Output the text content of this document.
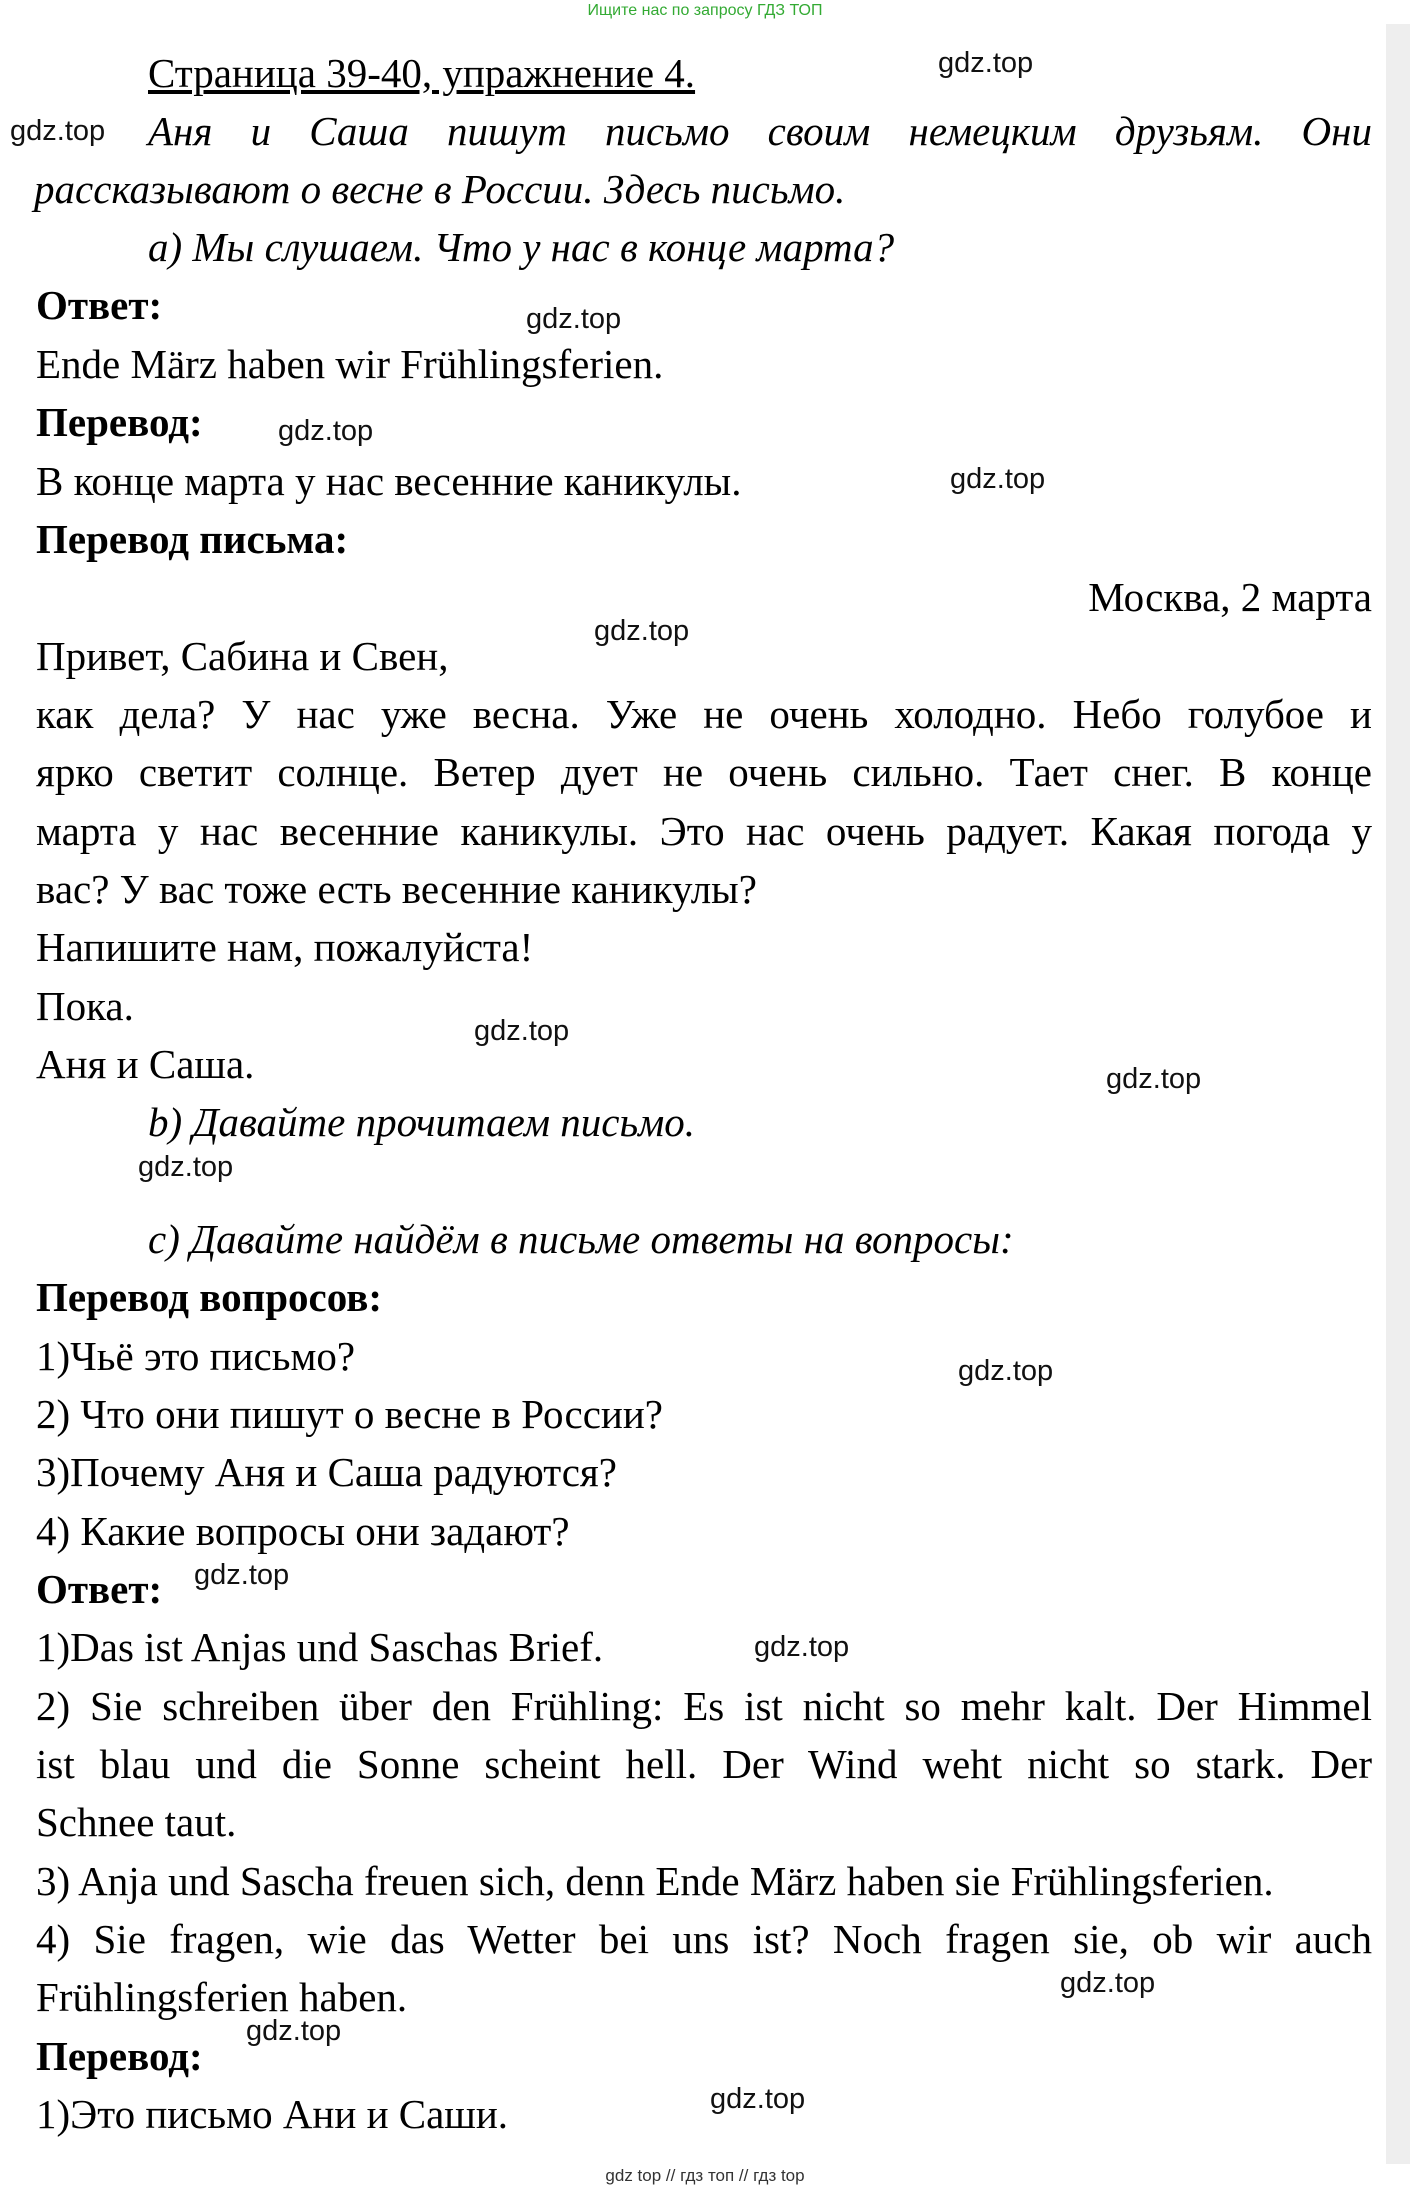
Ищите нас по запросу ГДЗ ТОП
Страница 39-40, упражнение 4.
Аня и Саша пишут письмо своим немецким друзьям. Они
рассказывают о весне в России. Здесь письмо.
а) Мы слушаем. Что у нас в конце марта?
Ответ:
Ende März haben wir Frühlingsferien.
Перевод:
В конце марта у нас весенние каникулы.
Перевод письма:
Москва, 2 марта
Привет, Сабина и Свен,
как дела? У нас уже весна. Уже не очень холодно. Небо голубое и
ярко светит солнце. Ветер дует не очень сильно. Тает снег. В конце
марта у нас весенние каникулы. Это нас очень радует. Какая погода у
вас? У вас тоже есть весенние каникулы?
Напишите нам, пожалуйста!
Пока.
Аня и Саша.
b) Давайте прочитаем письмо.
c) Давайте найдём в письме ответы на вопросы:
Перевод вопросов:
1)Чьё это письмо?
2) Что они пишут о весне в России?
3)Почему Аня и Саша радуются?
4) Какие вопросы они задают?
Ответ:
1)Das ist Anjas und Saschas Brief.
2) Sie schreiben über den Frühling: Es ist nicht so mehr kalt. Der Himmel
ist blau und die Sonne scheint hell. Der Wind weht nicht so stark. Der
Schnee taut.
3) Anja und Sascha freuen sich, denn Ende März haben sie Frühlingsferien.
4) Sie fragen, wie das Wetter bei uns ist? Noch fragen sie, ob wir auch
Frühlingsferien haben.
Перевод:
1)Это письмо Ани и Саши.
gdz.top
gdz.top
gdz.top
gdz.top
gdz.top
gdz.top
gdz.top
gdz.top
gdz.top
gdz.top
gdz.top
gdz.top
gdz.top
gdz.top
gdz.top
gdz top // гдз топ // гдз top
